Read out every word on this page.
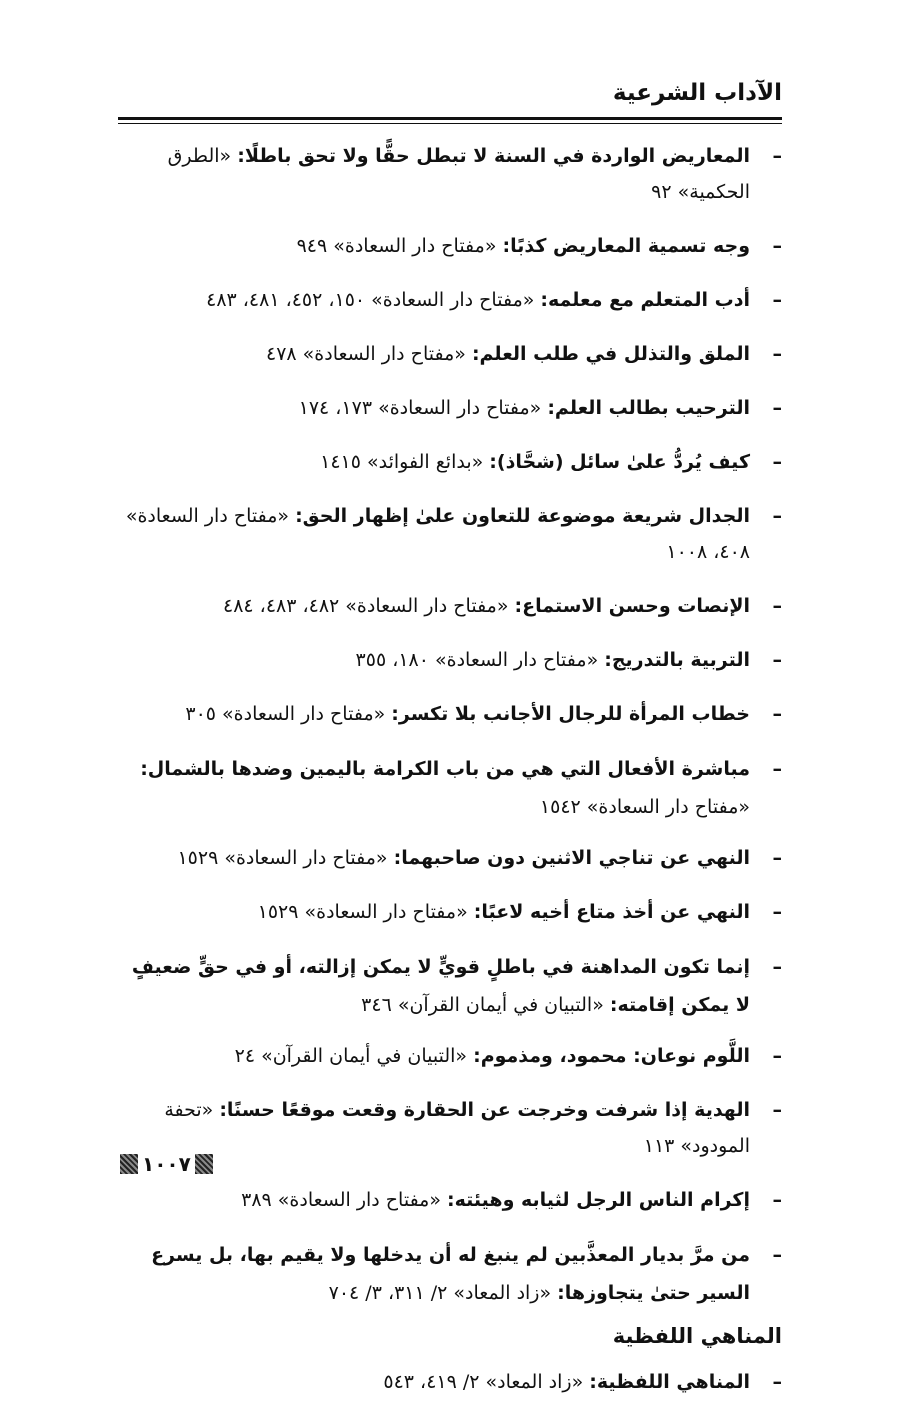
الآداب الشرعية
–
المعاريض الواردة في السنة لا تبطل حقًّا ولا تحق باطلًا: «الطرق الحكمية» ٩٢
–
وجه تسمية المعاريض كذبًا: «مفتاح دار السعادة» ٩٤٩
–
أدب المتعلم مع معلمه: «مفتاح دار السعادة» ١٥٠، ٤٥٢، ٤٨١، ٤٨٣
–
الملق والتذلل في طلب العلم: «مفتاح دار السعادة» ٤٧٨
–
الترحيب بطالب العلم: «مفتاح دار السعادة» ١٧٣، ١٧٤
–
كيف يُردُّ علىٰ سائل (شحَّاذ): «بدائع الفوائد» ١٤١٥
–
الجدال شريعة موضوعة للتعاون علىٰ إظهار الحق: «مفتاح دار السعادة» ٤٠٨، ١٠٠٨
–
الإنصات وحسن الاستماع: «مفتاح دار السعادة» ٤٨٢، ٤٨٣، ٤٨٤
–
التربية بالتدريج: «مفتاح دار السعادة» ١٨٠، ٣٥٥
–
خطاب المرأة للرجال الأجانب بلا تكسر: «مفتاح دار السعادة» ٣٠٥
–
مباشرة الأفعال التي هي من باب الكرامة باليمين وضدها بالشمال: «مفتاح دار السعادة» ١٥٤٢
–
النهي عن تناجي الاثنين دون صاحبهما: «مفتاح دار السعادة» ١٥٢٩
–
النهي عن أخذ متاع أخيه لاعبًا: «مفتاح دار السعادة» ١٥٢٩
–
إنما تكون المداهنة في باطلٍ قويٍّ لا يمكن إزالته، أو في حقٍّ ضعيفٍ لا يمكن إقامته: «التبيان في أيمان القرآن» ٣٤٦
–
اللَّوم نوعان: محمود، ومذموم: «التبيان في أيمان القرآن» ٢٤
–
الهدية إذا شرفت وخرجت عن الحقارة وقعت موقعًا حسنًا: «تحفة المودود» ١١٣
–
إكرام الناس الرجل لثيابه وهيئته: «مفتاح دار السعادة» ٣٨٩
–
من مرَّ بديار المعذَّبين لم ينبغ له أن يدخلها ولا يقيم بها، بل يسرع السير حتىٰ يتجاوزها: «زاد المعاد» ٢/ ٣١١، ٣/ ٧٠٤
المناهي اللفظية
–
المناهي اللفظية: «زاد المعاد» ٢/ ٤١٩، ٥٤٣
١٠٠٧
